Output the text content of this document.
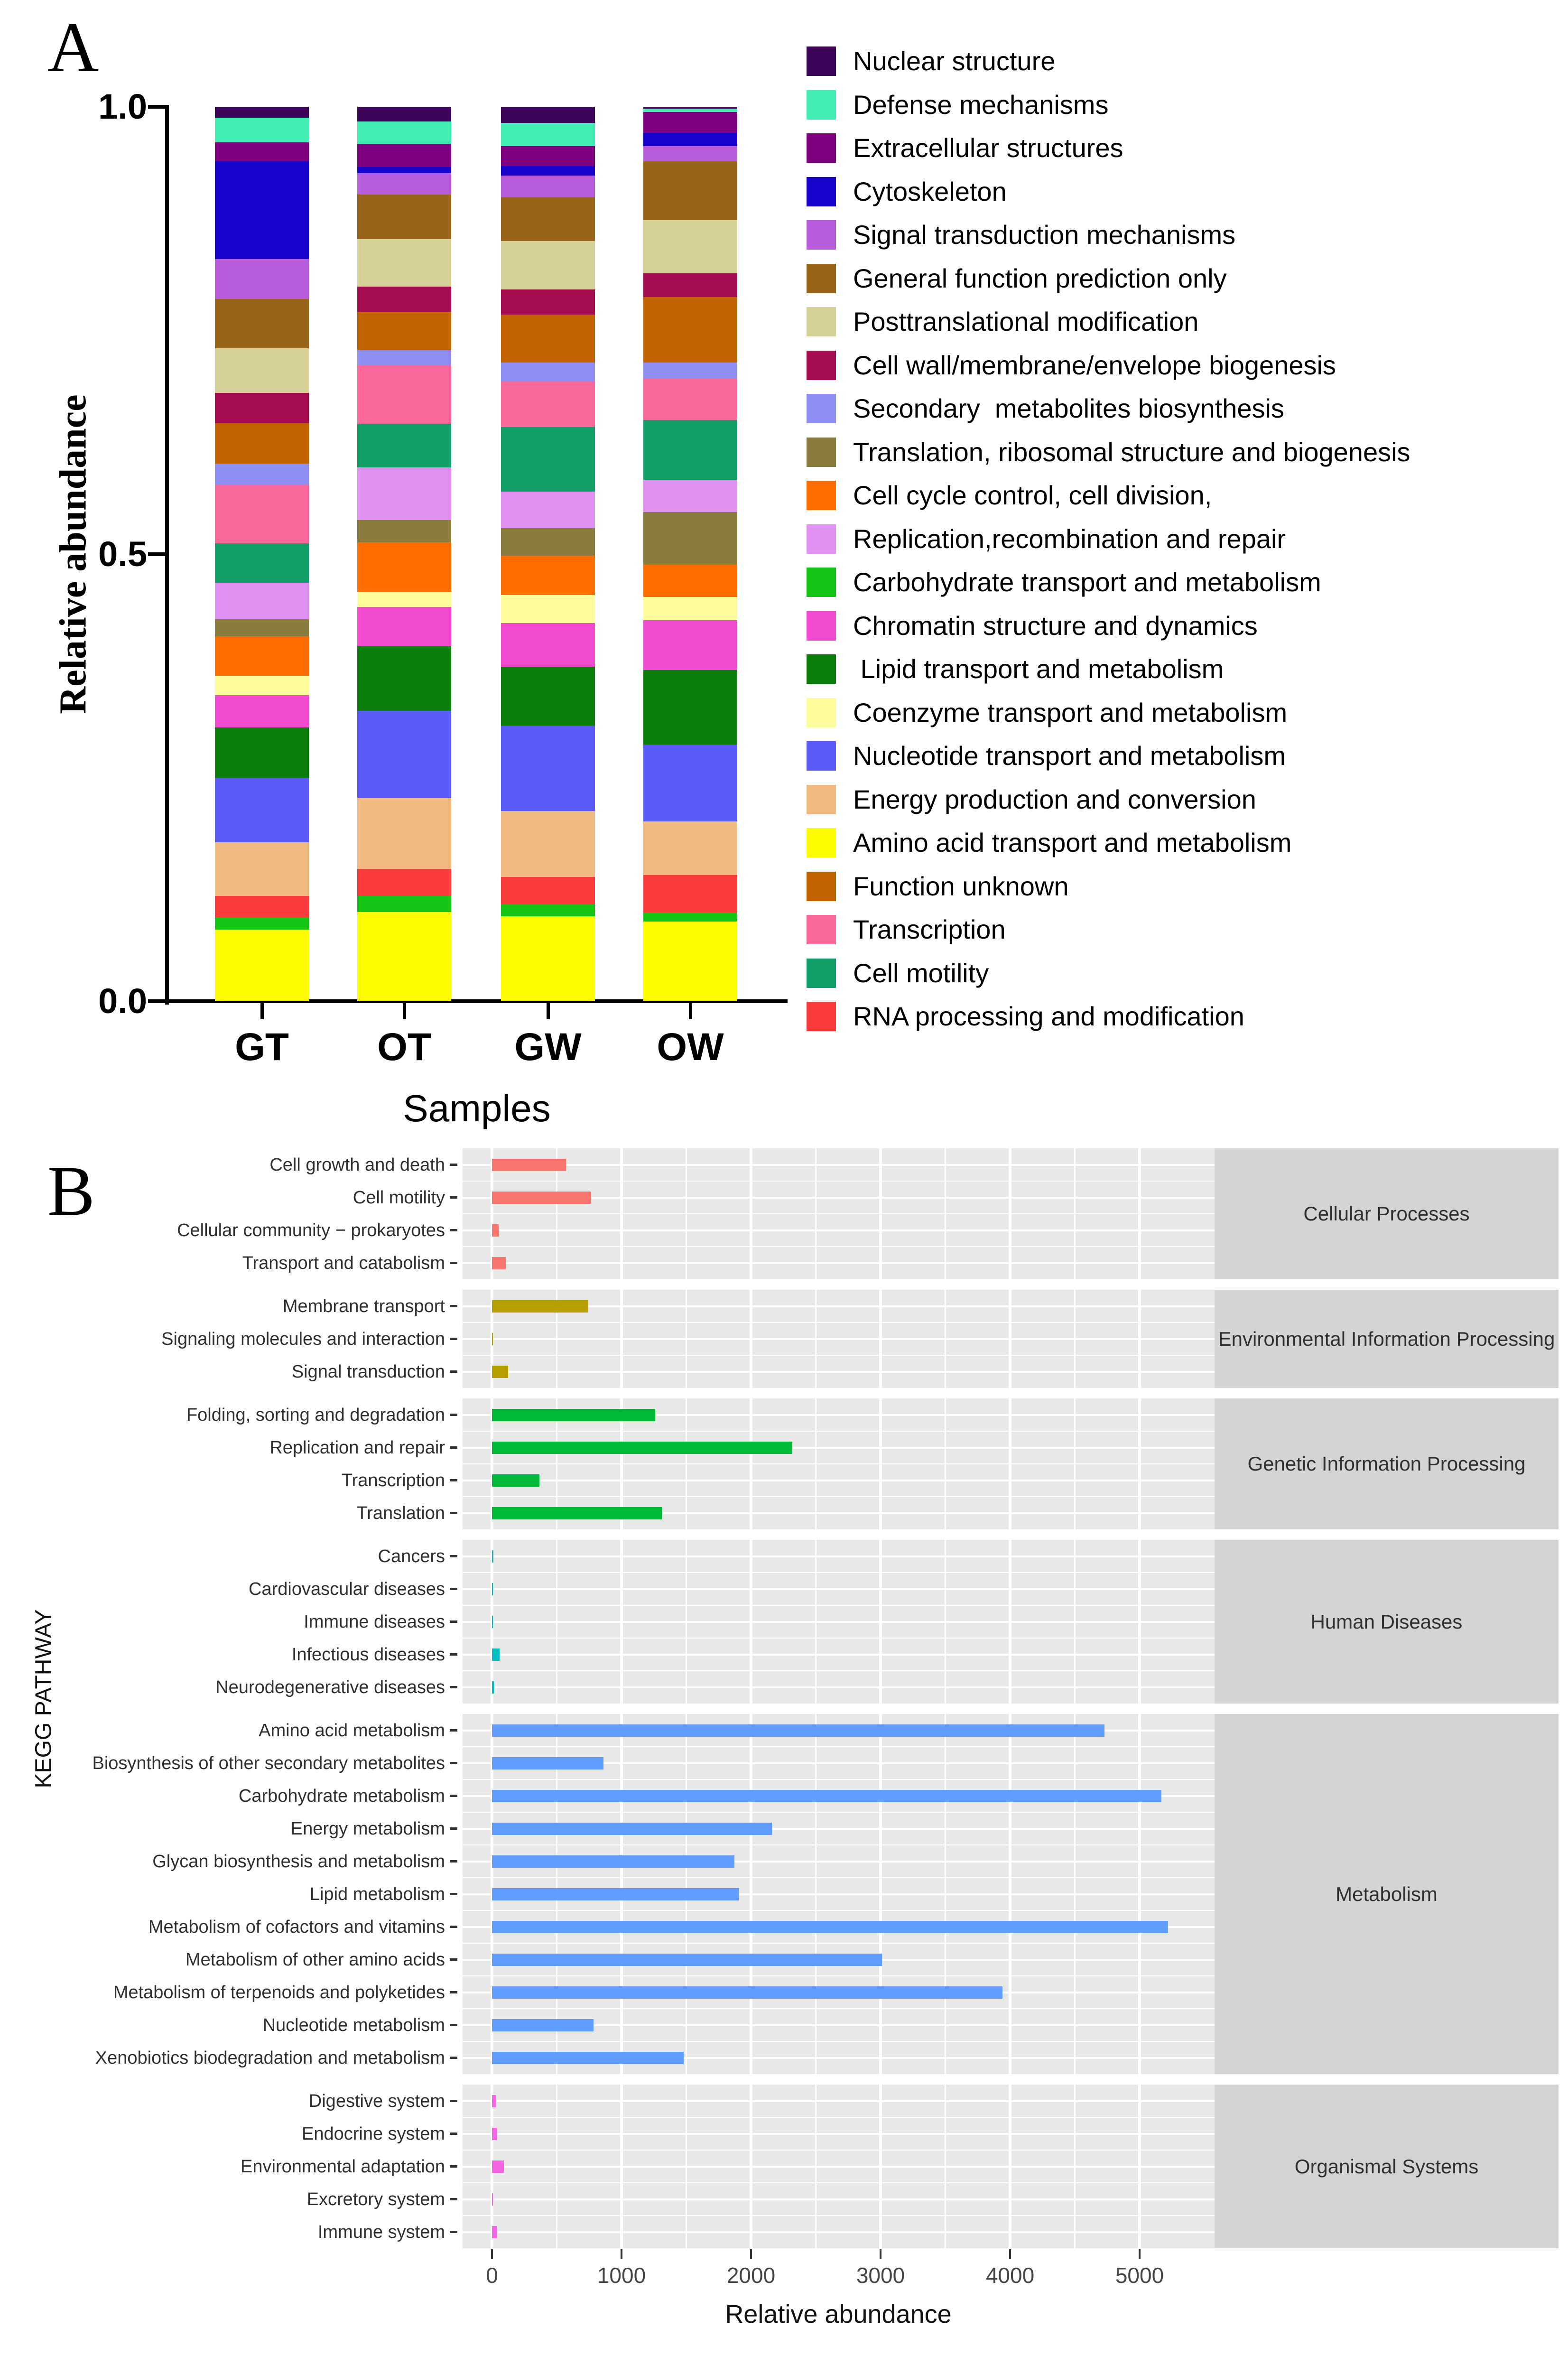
A
Relative abundance
1.0
0.5
0.0
GT	OT	GW	OW
Samples
Nuclear structure
Defense mechanisms
Extracellular structures
Cytoskeleton
Signal transduction mechanisms
General function prediction only
Posttranslational modification
Cell wall/membrane/envelope biogenesis
Secondary  metabolites biosynthesis
Translation, ribosomal structure and biogenesis
Cell cycle control, cell division,
Replication,recombination and repair
Carbohydrate transport and metabolism
Chromatin structure and dynamics
Lipid transport and metabolism
Coenzyme transport and metabolism
Nucleotide transport and metabolism
Energy production and conversion
Amino acid transport and metabolism
Function unknown
Transcription
Cell motility
RNA processing and modification
B
KEGG PATHWAY
Cell growth and death
Cell motility
Cellular community − prokaryotes
Transport and catabolism
Cellular Processes
Membrane transport
Signaling molecules and interaction
Signal transduction
Environmental Information Processing
Folding, sorting and degradation
Replication and repair
Transcription
Translation
Genetic Information Processing
Cancers
Cardiovascular diseases
Immune diseases
Infectious diseases
Neurodegenerative diseases
Human Diseases
Amino acid metabolism
Biosynthesis of other secondary metabolites
Carbohydrate metabolism
Energy metabolism
Glycan biosynthesis and metabolism
Lipid metabolism
Metabolism of cofactors and vitamins
Metabolism of other amino acids
Metabolism of terpenoids and polyketides
Nucleotide metabolism
Xenobiotics biodegradation and metabolism
Metabolism
Digestive system
Endocrine system
Environmental adaptation
Excretory system
Immune system
Organismal Systems
0	1000	2000	3000	4000	5000
Relative abundance
